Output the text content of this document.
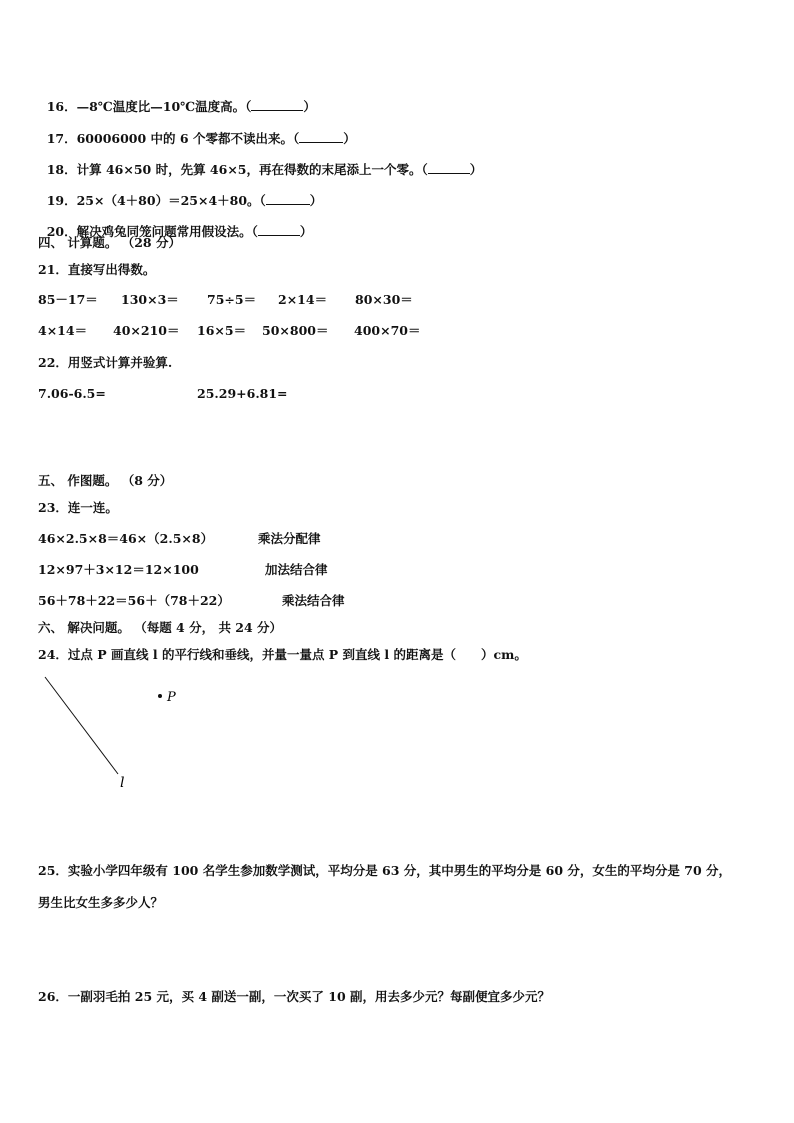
16．—8℃温度比—10℃温度高。（	）

17．60006000 中的 6 个零都不读出来。（	）

18．计算 46×50 时，先算 46×5，再在得数的末尾添上一个零。（	）

19．25×（4＋80）＝25×4＋80。（	）

20．解决鸡兔同笼问题常用假设法。（	）

四、 计算题。 （28 分）
21．直接写出得数。
85－17＝ 130×3＝ 75÷5＝ 2×14＝ 80×30＝
4×14＝ 40×210＝ 16×5＝ 50×800＝ 400×70＝
22．用竖式计算并验算.
7.06-6.5=	25.29+6.81=
五、 作图题。 （8 分）
23．连一连。
46×2.5×8＝46×（2.5×8）	乘法分配律
12×97＋3×12＝12×100	加法结合律
56＋78＋22＝56＋（78＋22）	乘法结合律
六、 解决问题。 （每题 4 分， 共 24 分）
24．过点 P 画直线 l 的平行线和垂线，并量一量点 P 到直线 l 的距离是（　　）cm。
P
l
25．实验小学四年级有 100 名学生参加数学测试，平均分是 63 分，其中男生的平均分是 60 分，女生的平均分是 70 分，
男生比女生多多少人？
26．一副羽毛拍 25 元，买 4 副送一副，一次买了 10 副，用去多少元？每副便宜多少元？
